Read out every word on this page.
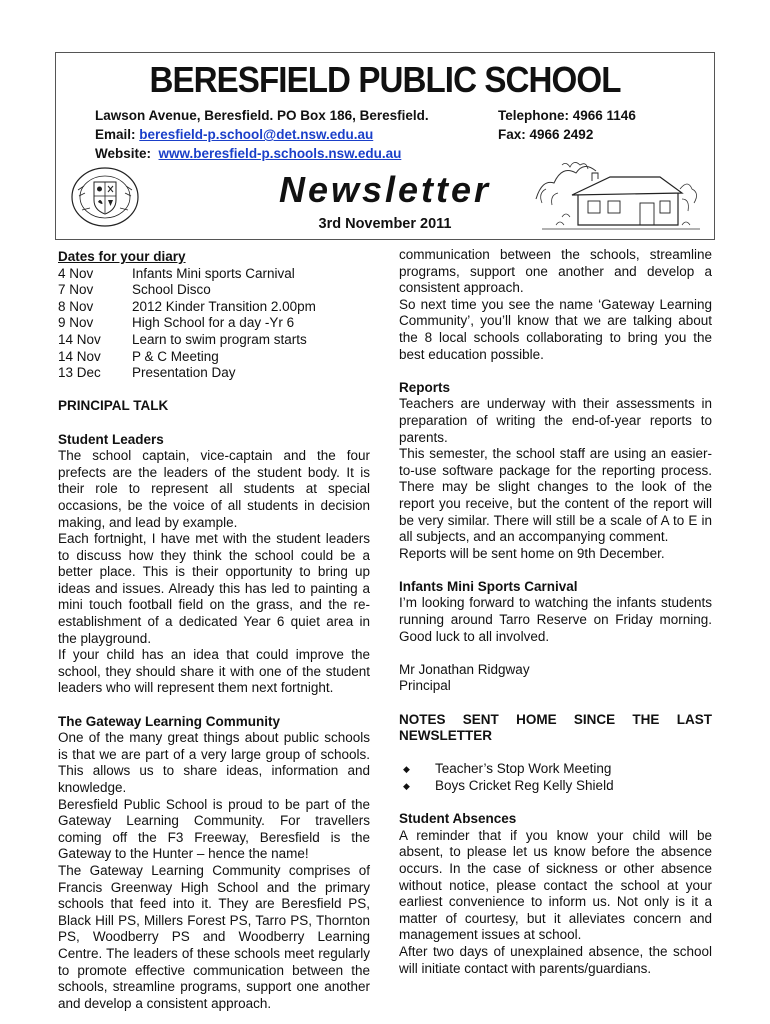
BERESFIELD PUBLIC SCHOOL
Lawson Avenue, Beresfield. PO Box 186, Beresfield.
Email: beresfield-p.school@det.nsw.edu.au
Website: www.beresfield-p.schools.nsw.edu.au
Telephone: 4966 1146
Fax: 4966 2492
Newsletter
3rd November 2011
Dates for your diary
4 Nov	Infants Mini sports Carnival
7 Nov	School Disco
8 Nov	2012 Kinder Transition 2.00pm
9 Nov	High School for a day -Yr 6
14 Nov	Learn to swim program starts
14 Nov	P & C Meeting
13 Dec	Presentation Day
PRINCIPAL TALK
Student Leaders

The school captain, vice-captain and the four prefects are the leaders of the student body. It is their role to represent all students at special occasions, be the voice of all students in decision making, and lead by example.

Each fortnight, I have met with the student leaders to discuss how they think the school could be a better place. This is their opportunity to bring up ideas and issues. Already this has led to painting a mini touch football field on the grass, and the re-establishment of a dedicated Year 6 quiet area in the playground.

If your child has an idea that could improve the school, they should share it with one of the student leaders who will represent them next fortnight.

The Gateway Learning Community

One of the many great things about public schools is that we are part of a very large group of schools. This allows us to share ideas, information and knowledge.

Beresfield Public School is proud to be part of the Gateway Learning Community. For travellers coming off the F3 Freeway, Beresfield is the Gateway to the Hunter – hence the name!

The Gateway Learning Community comprises of Francis Greenway High School and the primary schools that feed into it. They are Beresfield PS, Black Hill PS, Millers Forest PS, Tarro PS, Thornton PS, Woodberry PS and Woodberry Learning Centre. The leaders of these schools meet regularly to promote effective communication between the schools, streamline programs, support one another and develop a consistent approach.

communication between the schools, streamline programs, support one another and develop a consistent approach.

So next time you see the name ‘Gateway Learning Community’, you’ll know that we are talking about the 8 local schools collaborating to bring you the best education possible.

Reports

Teachers are underway with their assessments in preparation of writing the end-of-year reports to parents.

This semester, the school staff are using an easier-to-use software package for the reporting process. There may be slight changes to the look of the report you receive, but the content of the report will be very similar. There will still be a scale of A to E in all subjects, and an accompanying comment.

Reports will be sent home on 9th December.

Infants Mini Sports Carnival

I’m looking forward to watching the infants students running around Tarro Reserve on Friday morning. Good luck to all involved.

Mr Jonathan Ridgway
Principal
NOTES SENT HOME SINCE THE LAST
NEWSLETTER
◆	Teacher’s Stop Work Meeting
◆	Boys Cricket Reg Kelly Shield
Student Absences

A reminder that if you know your child will be absent, to please let us know before the absence occurs. In the case of sickness or other absence without notice, please contact the school at your earliest convenience to inform us. Not only is it a matter of courtesy, but it alleviates concern and management issues at school.

After two days of unexplained absence, the school will initiate contact with parents/guardians.
